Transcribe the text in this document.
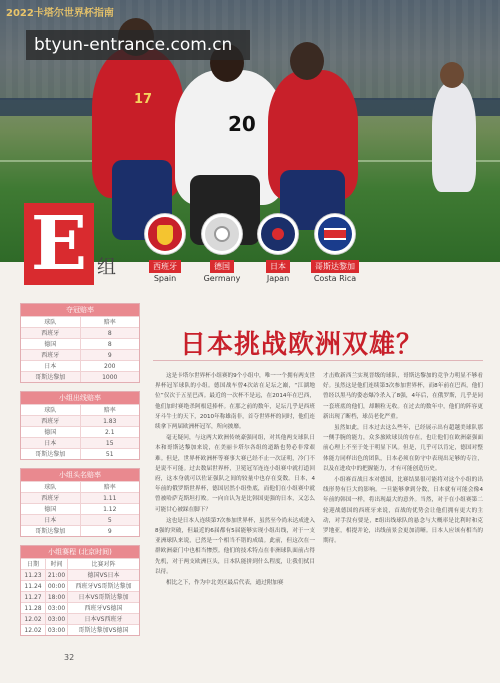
17
20
2022卡塔尔世界杯指南
btyun-entrance.com.cn
E 组	西班牙
Spain
德国
Germany
日本
Japan
哥斯达黎加
Costa Rica
夺冠赔率
球队	赔率
西班牙	8
德国	8
西班牙	9
日本	200
哥斯达黎加	1000
小组出线赔率
球队	赔率
西班牙	1.83
德国	2.1
日本	15
哥斯达黎加	51
小组头名赔率
球队	赔率
西班牙	1.11
德国	1.12
日本	5
哥斯达黎加	9
小组赛程 (北京时间)
日期	时间	比赛对阵
11.23	21:00	德国VS日本
11.24	00:00	西班牙VS哥斯达黎加
11.27	18:00	日本VS哥斯达黎加
11.28	03:00	西班牙VS德国
12.02	03:00	日本VS西班牙
12.02	03:00	哥斯达黎加VS德国
日本挑战欧洲双雄？

这是卡塔尔世界杯小组赛的9个小组中，唯一一个拥有两支世界杯冠军球队的小组。德国战车曾4次站在足坛之巅，“江湖地位”仅次于五星巴西。最近的一次杯不是远，在2014年在巴西，他们加时赛绝杀阿根廷捧杯。在那之前的数年，足坛几乎是西班牙斗牛士的天下，2010年称雄南非，首夺世界杯的同时，他们连续拿下两届欧洲杯冠军，所向披靡。

毫无疑问，与这两大欧洲传统豪强同组，对其他两支球队日本和哥斯达黎加来说，在美丽卡塔尔各组的道路也势必非常艰难。但是，世界杯欧洲杯等赛事大赛已经不止一次证明，冷门不是说不可能。过去数届世界杯，卫冕冠军连连小组赛中就打道回府，这本身就可以佐证强队之间的较量中也存在变数。日本，4年前的俄罗斯世界杯，德国居然小组垫底，而他们在小组赛中就曾被哈萨克斯坦打败。一向自认为是比韩国更强的日本，又怎么可能甘心被踩在脚下？

这也是日本人连续第7次参加世界杯，虽然至今尚未达成进入8强的突破，但最近的6届都有5届能够实现小组出线，对于一支亚洲球队来说，已然是一个相当不错的成绩。此前，但这次在一群欧洲豪门中也相当惨烈。他们的技术特点在非洲球队面前占得先机，对于两支欧洲巨头，日本队能拼到什么程度，让我们拭目以待。

相比之下，作为中北美区最后代表，通过附加赛

才击败新西兰实现晋级的球队，哥斯达黎加的竞争力明显不够看好。虽然这是他们连续第3次参加世界杯，而8年前在巴西，他们曾经以黑马的姿态爆冷杀入了8强，4年后，在俄罗斯，几乎是同一套班底的他们，却颗粒无收。在过去的数年中，他们的阵容更新出现了断档，球员老化严重。

虽然如此，日本过去这么些年，已经展示出有超越美球队那一侧手腕的能力，众多旅欧球员的存在，也让他们在欧洲豪强面前心理上不至于处于明显下风。但是，几乎可以肯定，德国对整体能力同样出色的团队，日本必须在防守中表现出足够的专注，以及在进攻中的把握能力，才有可能创造历史。

小组赛首战日本对德国，比赛结果很可能将对这个小组的出线形势有巨大的影响。一旦能够拿到分数，日本就有可能会像4年前的韩国一样，将出现最大的意外。当然，对于在小组赛第二轮迎战德国的西班牙来说，首战的优势会让他们拥有更大的主动，对手没有要是，E组出线球队的悬念与大概率是比利时和克罗地亚，相提并论，出线前景会更加清晰。日本人应该有相当的期待。

32
